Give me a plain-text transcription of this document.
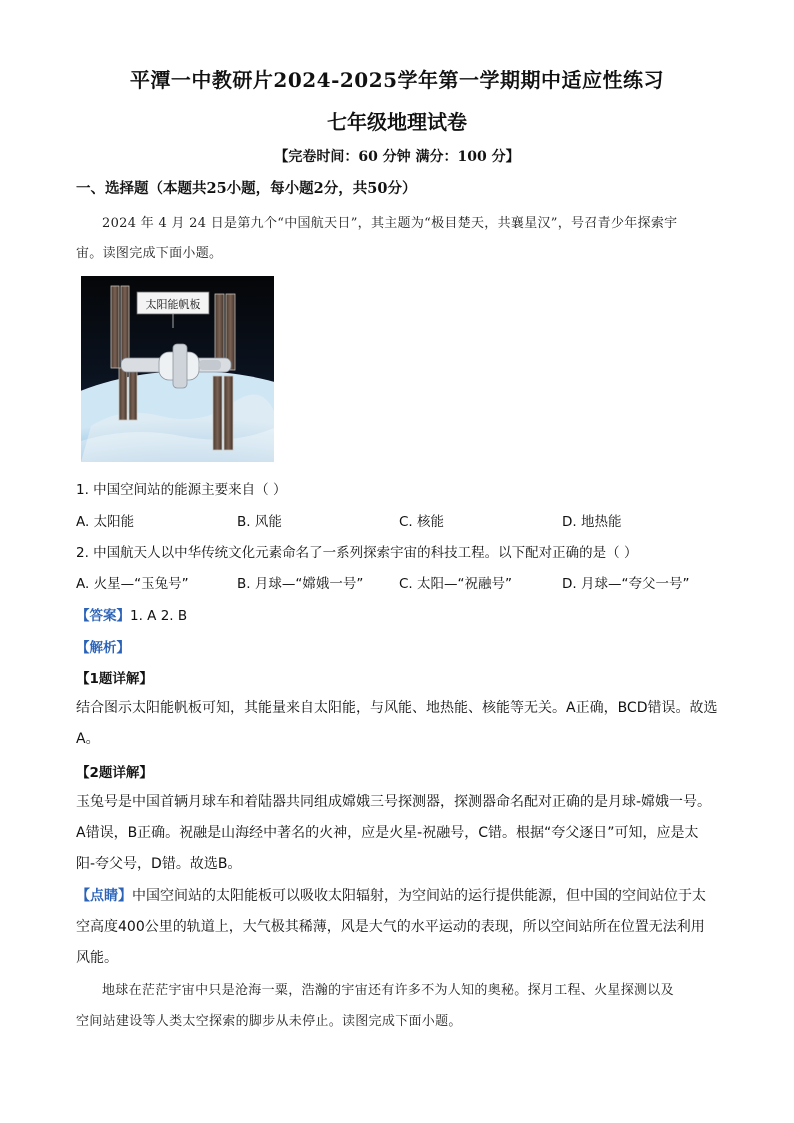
平潭一中教研片2024-2025学年第一学期期中适应性练习
七年级地理试卷
【完卷时间：60 分钟 满分：100 分】
一、选择题（本题共25小题，每小题2分，共50分）
2024 年 4 月 24 日是第九个“中国航天日”，其主题为“极目楚天，共襄星汉”，号召青少年探索宇
宙。读图完成下面小题。
太阳能帆板
1. 中国空间站的能源主要来自（ ）
A. 太阳能	B. 风能	C. 核能	D. 地热能
2. 中国航天人以中华传统文化元素命名了一系列探索宇宙的科技工程。以下配对正确的是（ ）
A. 火星—“玉兔号”	B. 月球—“嫦娥一号”	C. 太阳—“祝融号”	D. 月球—“夸父一号”
【答案】1. A 2. B
【解析】
【1题详解】
结合图示太阳能帆板可知，其能量来自太阳能，与风能、地热能、核能等无关。A正确，BCD错误。故选
A。
【2题详解】
玉兔号是中国首辆月球车和着陆器共同组成嫦娥三号探测器，探测器命名配对正确的是月球-嫦娥一号。
A错误，B正确。祝融是山海经中著名的火神，应是火星-祝融号，C错。根据“夸父逐日”可知，应是太
阳-夸父号，D错。故选B。
【点睛】中国空间站的太阳能板可以吸收太阳辐射，为空间站的运行提供能源，但中国的空间站位于太
空高度400公里的轨道上，大气极其稀薄，风是大气的水平运动的表现，所以空间站所在位置无法利用
风能。
地球在茫茫宇宙中只是沧海一粟，浩瀚的宇宙还有许多不为人知的奥秘。探月工程、火星探测以及
空间站建设等人类太空探索的脚步从未停止。读图完成下面小题。
